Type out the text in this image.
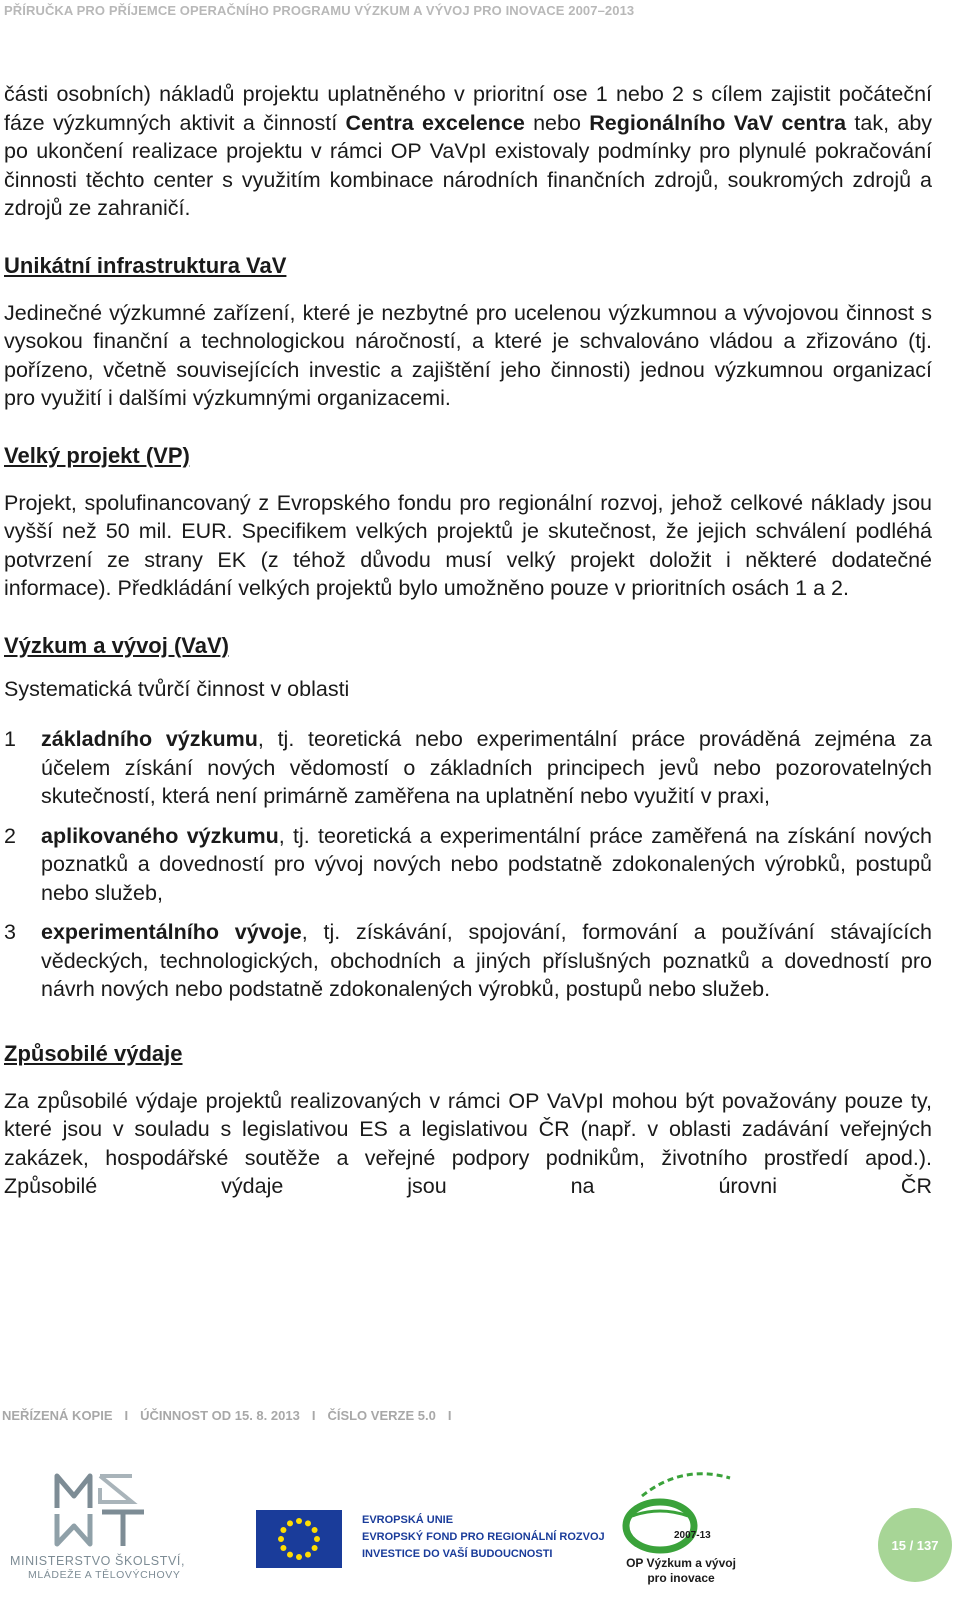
PŘÍRUČKA PRO PŘÍJEMCE OPERAČNÍHO PROGRAMU VÝZKUM A VÝVOJ PRO INOVACE 2007–2013

části osobních) nákladů projektu uplatněného v prioritní ose 1 nebo 2 s cílem zajistit počáteční fáze výzkumných aktivit a činností Centra excelence nebo Regionálního VaV centra tak, aby po ukončení realizace projektu v rámci OP VaVpI existovaly podmínky pro plynulé pokračování činnosti těchto center s využitím kombinace národních finančních zdrojů, soukromých zdrojů a zdrojů ze zahraničí.

Unikátní infrastruktura VaV

Jedinečné výzkumné zařízení, které je nezbytné pro ucelenou výzkumnou a vývojovou činnost s vysokou finanční a technologickou náročností, a které je schvalováno vládou a zřizováno (tj. pořízeno, včetně souvisejících investic a zajištění jeho činnosti) jednou výzkumnou organizací pro využití i dalšími výzkumnými organizacemi.

Velký projekt (VP)

Projekt, spolufinancovaný z Evropského fondu pro regionální rozvoj, jehož celkové náklady jsou vyšší než 50 mil. EUR. Specifikem velkých projektů je skutečnost, že jejich schválení podléhá potvrzení ze strany EK (z téhož důvodu musí velký projekt doložit i některé dodatečné informace). Předkládání velkých projektů bylo umožněno pouze v prioritních osách 1 a 2.

Výzkum a vývoj (VaV)

Systematická tvůrčí činnost v oblasti

1	základního výzkumu, tj. teoretická nebo experimentální práce prováděná zejména za účelem získání nových vědomostí o základních principech jevů nebo pozorovatelných skutečností, která není primárně zaměřena na uplatnění nebo využití v praxi,
2	aplikovaného výzkumu, tj. teoretická a experimentální práce zaměřená na získání nových poznatků a dovedností pro vývoj nových nebo podstatně zdokonalených výrobků, postupů nebo služeb,
3	experimentálního vývoje, tj. získávání, spojování, formování a používání stávajících vědeckých, technologických, obchodních a jiných příslušných poznatků a dovedností pro návrh nových nebo podstatně zdokonalených výrobků, postupů nebo služeb.
Způsobilé výdaje

Za způsobilé výdaje projektů realizovaných v rámci OP VaVpI mohou být považovány pouze ty, které jsou v souladu s legislativou ES a legislativou ČR (např. v oblasti zadávání veřejných zakázek, hospodářské soutěže a veřejné podpory podnikům, životního prostředí apod.). Způsobilé výdaje jsou na úrovni ČR

NEŘÍZENÁ KOPIE I ÚČINNOST OD 15. 8. 2013 I ČÍSLO VERZE 5.0 I
MINISTERSTVO ŠKOLSTVÍ,
MLÁDEŽE A TĚLOVÝCHOVY
EVROPSKÁ UNIE
EVROPSKÝ FOND PRO REGIONÁLNÍ ROZVOJ
INVESTICE DO VAŠÍ BUDOUCNOSTI
2007-13
OP Výzkum a vývoj
pro inovace
15 / 137
